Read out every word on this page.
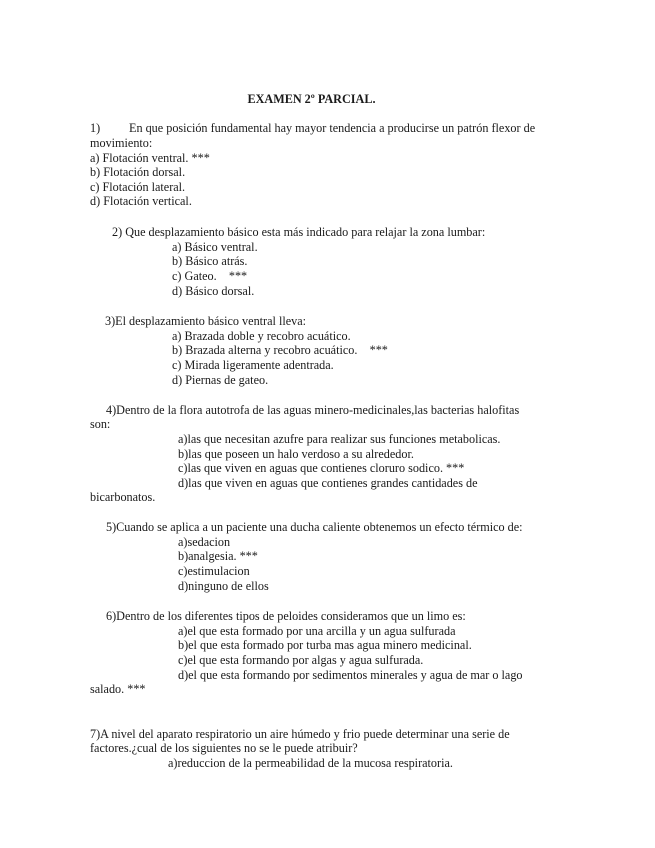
EXAMEN 2º PARCIAL.
1) En que posición fundamental hay mayor tendencia a producirse un patrón flexor de
movimiento:
a) Flotación ventral. ***
b) Flotación dorsal.
c) Flotación lateral.
d) Flotación vertical.
2) Que desplazamiento básico esta más indicado para relajar la zona lumbar:
a) Básico ventral.
b) Básico atrás.
c) Gateo.    ***
d) Básico dorsal.
3)El desplazamiento básico ventral lleva:
a) Brazada doble y recobro acuático.
b) Brazada alterna y recobro acuático.    ***
c) Mirada ligeramente adentrada.
d) Piernas de gateo.
4)Dentro de la flora autotrofa de las aguas minero-medicinales,las bacterias halofitas
son:
a)las que necesitan azufre para realizar sus funciones metabolicas.
b)las que poseen un halo verdoso a su alrededor.
c)las que viven en aguas que contienes cloruro sodico. ***
d)las que viven en aguas que contienes grandes cantidades de
bicarbonatos.
5)Cuando se aplica a un paciente una ducha caliente obtenemos un efecto térmico de:
a)sedacion
b)analgesia. ***
c)estimulacion
d)ninguno de ellos
6)Dentro de los diferentes tipos de peloides consideramos que un limo es:
a)el que esta formado por una arcilla y un agua sulfurada
b)el que esta formado por turba mas agua minero medicinal.
c)el que esta formando por algas y agua sulfurada.
d)el que esta formando por sedimentos minerales y agua de mar o lago
salado. ***
7)A nivel del aparato respiratorio un aire húmedo y frio puede determinar una serie de
factores.¿cual de los siguientes no se le puede atribuir?
a)reduccion de la permeabilidad de la mucosa respiratoria.
